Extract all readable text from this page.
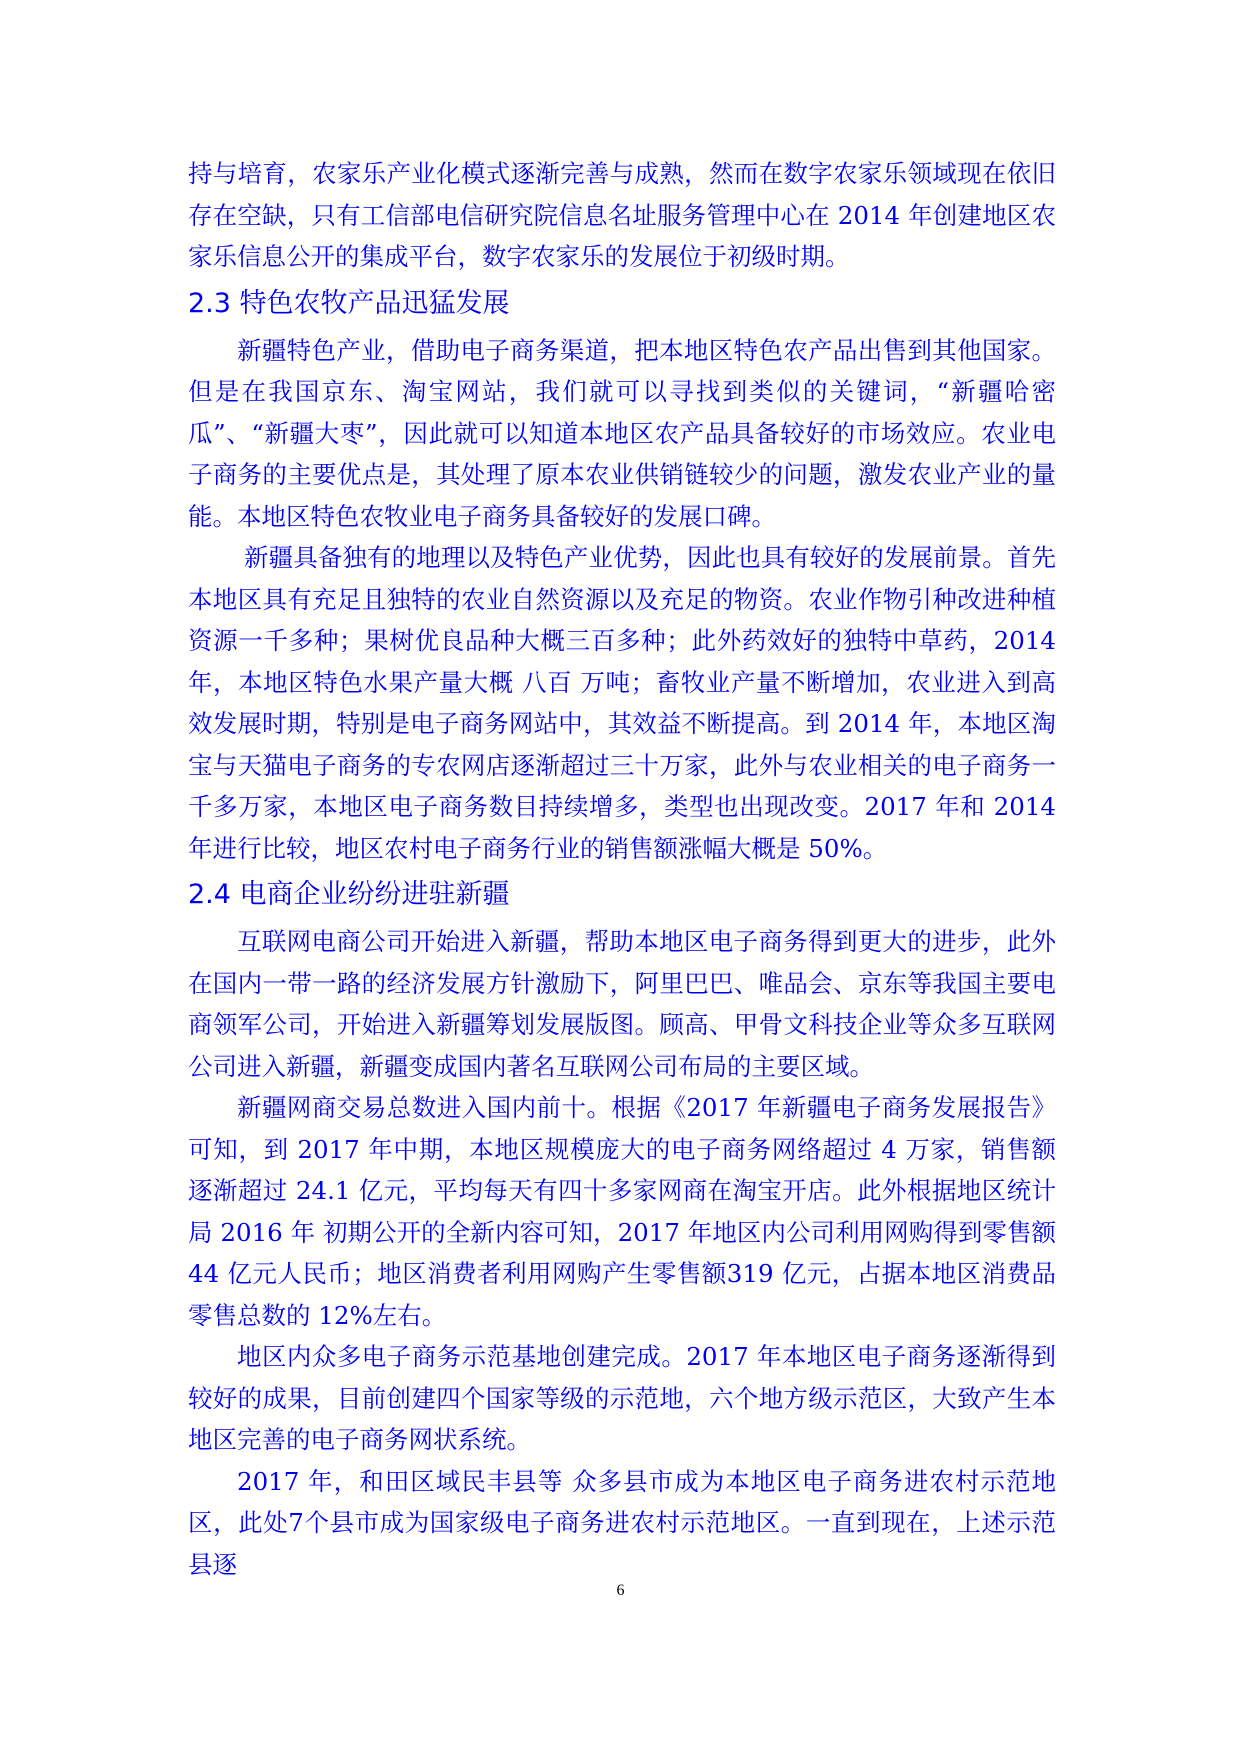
持与培育，农家乐产业化模式逐渐完善与成熟，然而在数字农家乐领域现在依旧存在空缺，只有工信部电信研究院信息名址服务管理中心在 2014 年创建地区农家乐信息公开的集成平台，数字农家乐的发展位于初级时期。

2.3 特色农牧产品迅猛发展

新疆特色产业，借助电子商务渠道，把本地区特色农产品出售到其他国家。但是在我国京东、淘宝网站，我们就可以寻找到类似的关键词，“新疆哈密瓜”、“新疆大枣”，因此就可以知道本地区农产品具备较好的市场效应。农业电子商务的主要优点是，其处理了原本农业供销链较少的问题，激发农业产业的量能。本地区特色农牧业电子商务具备较好的发展口碑。

新疆具备独有的地理以及特色产业优势，因此也具有较好的发展前景。首先本地区具有充足且独特的农业自然资源以及充足的物资。农业作物引种改进种植资源一千多种；果树优良品种大概三百多种；此外药效好的独特中草药，2014 年，本地区特色水果产量大概 八百 万吨；畜牧业产量不断增加，农业进入到高效发展时期，特别是电子商务网站中，其效益不断提高。到 2014 年，本地区淘宝与天猫电子商务的专农网店逐渐超过三十万家，此外与农业相关的电子商务一千多万家，本地区电子商务数目持续增多，类型也出现改变。2017 年和 2014 年进行比较，地区农村电子商务行业的销售额涨幅大概是 50%。

2.4 电商企业纷纷进驻新疆

互联网电商公司开始进入新疆，帮助本地区电子商务得到更大的进步，此外在国内一带一路的经济发展方针激励下，阿里巴巴、唯品会、京东等我国主要电商领军公司，开始进入新疆筹划发展版图。顾高、甲骨文科技企业等众多互联网公司进入新疆，新疆变成国内著名互联网公司布局的主要区域。

新疆网商交易总数进入国内前十。根据《2017 年新疆电子商务发展报告》可知，到 2017 年中期，本地区规模庞大的电子商务网络超过 4 万家，销售额逐渐超过 24.1 亿元，平均每天有四十多家网商在淘宝开店。此外根据地区统计局 2016 年 初期公开的全新内容可知，2017 年地区内公司利用网购得到零售额 44 亿元人民币；地区消费者利用网购产生零售额319 亿元，占据本地区消费品零售总数的 12%左右。

地区内众多电子商务示范基地创建完成。2017 年本地区电子商务逐渐得到较好的成果，目前创建四个国家等级的示范地，六个地方级示范区，大致产生本地区完善的电子商务网状系统。

2017 年，和田区域民丰县等 众多县市成为本地区电子商务进农村示范地区，此处7个县市成为国家级电子商务进农村示范地区。一直到现在，上述示范县逐

6
